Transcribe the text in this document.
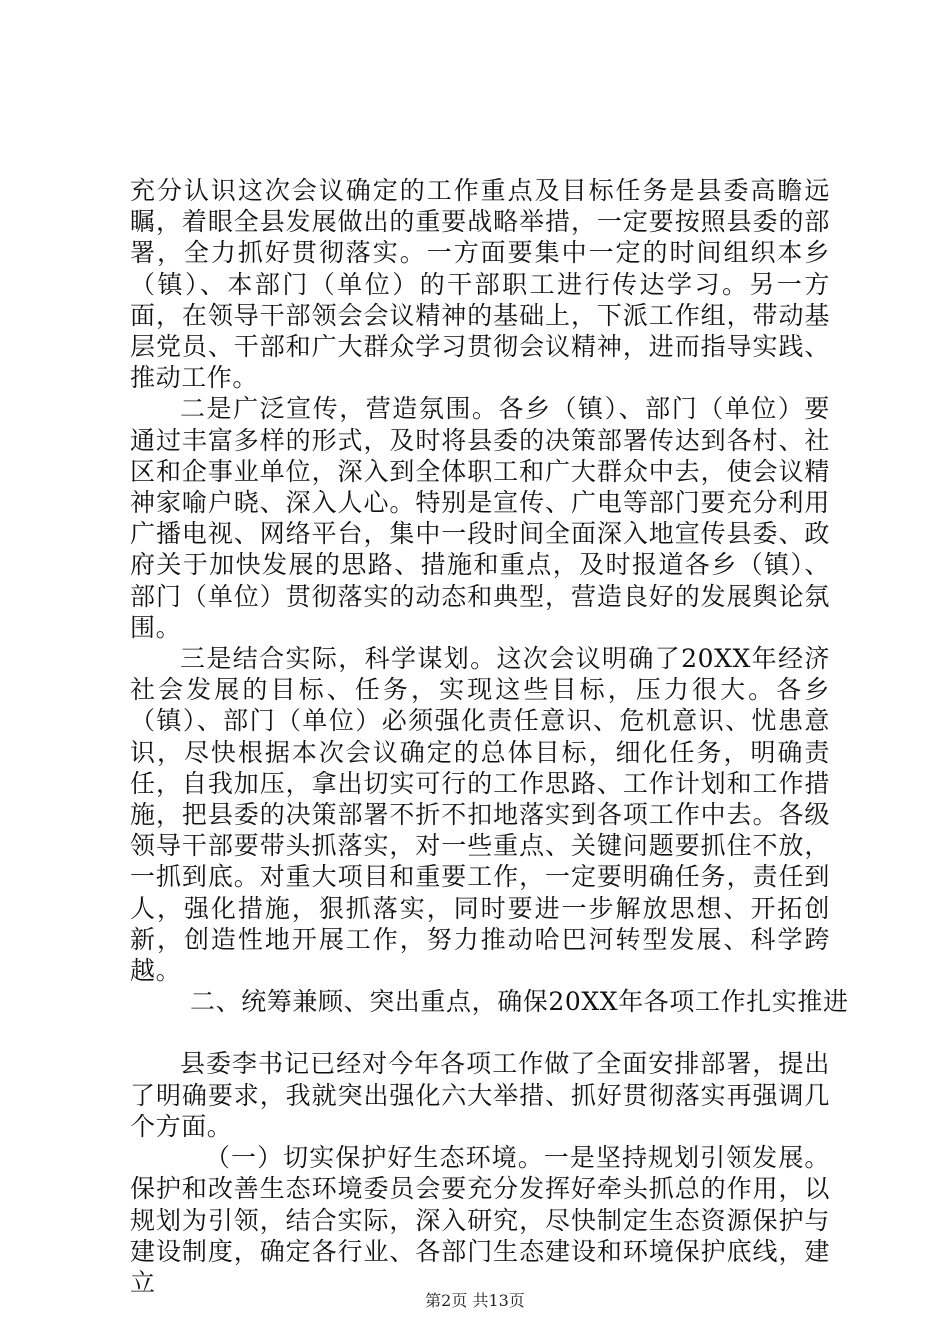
充分认识这次会议确定的工作重点及目标任务是县委高瞻远瞩，着眼全县发展做出的重要战略举措，一定要按照县委的部署，全力抓好贯彻落实。一方面要集中一定的时间组织本乡（镇）、本部门（单位）的干部职工进行传达学习。另一方面，在领导干部领会会议精神的基础上，下派工作组，带动基层党员、干部和广大群众学习贯彻会议精神，进而指导实践、推动工作。

二是广泛宣传，营造氛围。各乡（镇）、部门（单位）要通过丰富多样的形式，及时将县委的决策部署传达到各村、社区和企事业单位，深入到全体职工和广大群众中去，使会议精神家喻户晓、深入人心。特别是宣传、广电等部门要充分利用广播电视、网络平台，集中一段时间全面深入地宣传县委、政府关于加快发展的思路、措施和重点，及时报道各乡（镇）、部门（单位）贯彻落实的动态和典型，营造良好的发展舆论氛围。

三是结合实际，科学谋划。这次会议明确了20XX年经济社会发展的目标、任务，实现这些目标，压力很大。各乡（镇）、部门（单位）必须强化责任意识、危机意识、忧患意识，尽快根据本次会议确定的总体目标，细化任务，明确责任，自我加压，拿出切实可行的工作思路、工作计划和工作措施，把县委的决策部署不折不扣地落实到各项工作中去。各级领导干部要带头抓落实，对一些重点、关键问题要抓住不放，一抓到底。对重大项目和重要工作，一定要明确任务，责任到人，强化措施，狠抓落实，同时要进一步解放思想、开拓创新，创造性地开展工作，努力推动哈巴河转型发展、科学跨越。

二、统筹兼顾、突出重点，确保20XX年各项工作扎实推进

县委李书记已经对今年各项工作做了全面安排部署，提出了明确要求，我就突出强化六大举措、抓好贯彻落实再强调几个方面。

（一）切实保护好生态环境。一是坚持规划引领发展。保护和改善生态环境委员会要充分发挥好牵头抓总的作用，以规划为引领，结合实际，深入研究，尽快制定生态资源保护与建设制度，确定各行业、各部门生态建设和环境保护底线，建立

第2页 共13页
